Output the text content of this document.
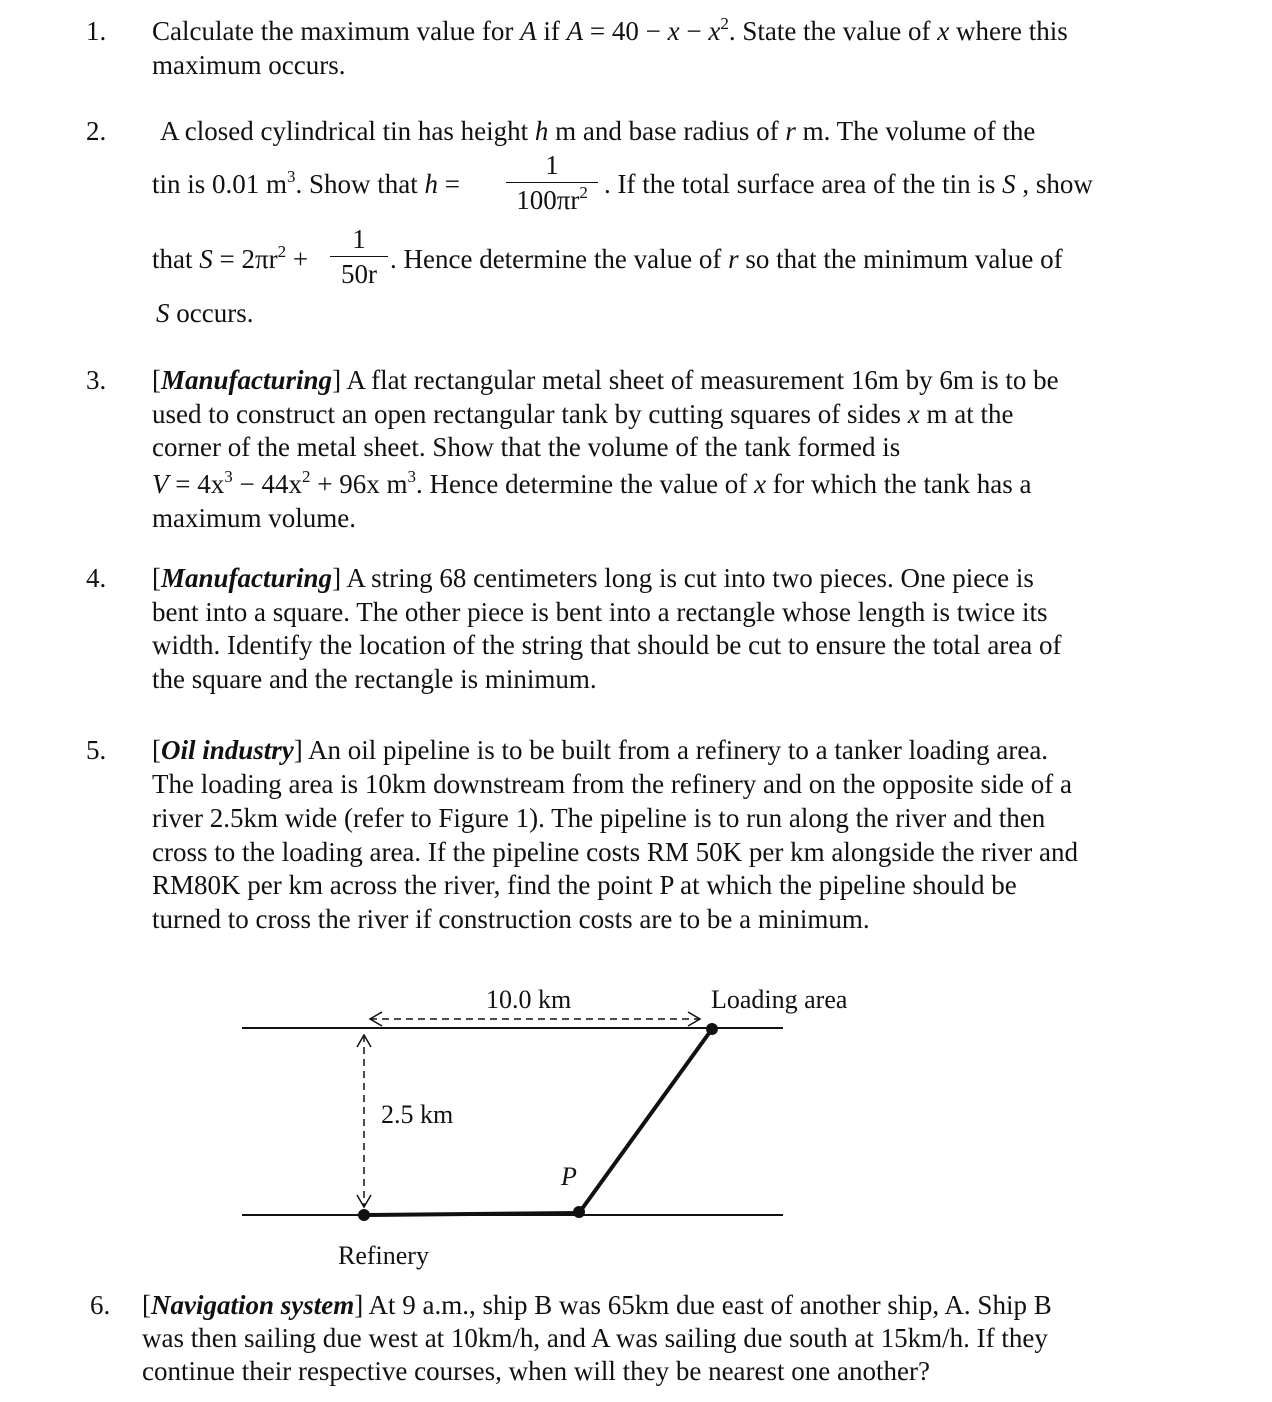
1. Calculate the maximum value for A if $A = 40 - x - x^2$. State the value of x where this
maximum occurs.
2. A closed cylindrical tin has height h m and base radius of r m. The volume of the
tin is 0.01 $m^3$. Show that $h = \frac{1}{100\pi r^2}$ . If the total surface area of the tin is S , show
that $S = 2\pi r^2 + \frac{1}{50r}$ . Hence determine the value of r so that the minimum value of
S occurs.
3. [Manufacturing] A flat rectangular metal sheet of measurement 16m by 6m is to be
used to construct an open rectangular tank by cutting squares of sides x m at the
corner of the metal sheet. Show that the volume of the tank formed is
$V = 4x^3 - 44x^2 + 96x$ $m^3$. Hence determine the value of x for which the tank has a
maximum volume.
4. [Manufacturing] A string 68 centimeters long is cut into two pieces. One piece is
bent into a square. The other piece is bent into a rectangle whose length is twice its
width. Identify the location of the string that should be cut to ensure the total area of
the square and the rectangle is minimum.
5. [Oil industry] An oil pipeline is to be built from a refinery to a tanker loading area.
The loading area is 10km downstream from the refinery and on the opposite side of a
river 2.5km wide (refer to Figure 1). The pipeline is to run along the river and then
cross to the loading area. If the pipeline costs RM 50K per km alongside the river and
RM80K per km across the river, find the point P at which the pipeline should be
turned to cross the river if construction costs are to be a minimum.
10.0 km	Loading area
2.5 km
P
Refinery
6. [Navigation system] At 9 a.m., ship B was 65km due east of another ship, A. Ship B
was then sailing due west at 10km/h, and A was sailing due south at 15km/h. If they
continue their respective courses, when will they be nearest one another?
